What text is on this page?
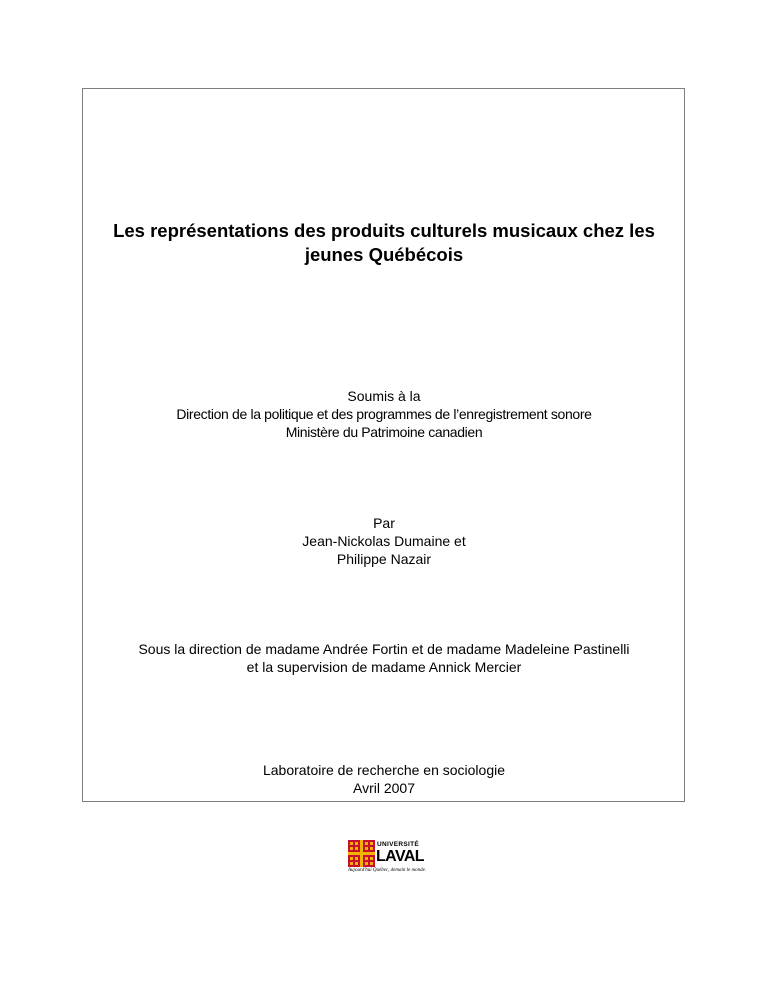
Les représentations des produits culturels musicaux chez les
jeunes Québécois
Soumis à la
Direction de la politique et des programmes de l’enregistrement sonore
Ministère du Patrimoine canadien
Par
Jean-Nickolas Dumaine et
Philippe Nazair
Sous la direction de madame Andrée Fortin et de madame Madeleine Pastinelli
et la supervision de madame Annick Mercier
Laboratoire de recherche en sociologie
Avril 2007
UNIVERSITÉ
LAVAL
Aujourd'hui Québec, demain le monde.
